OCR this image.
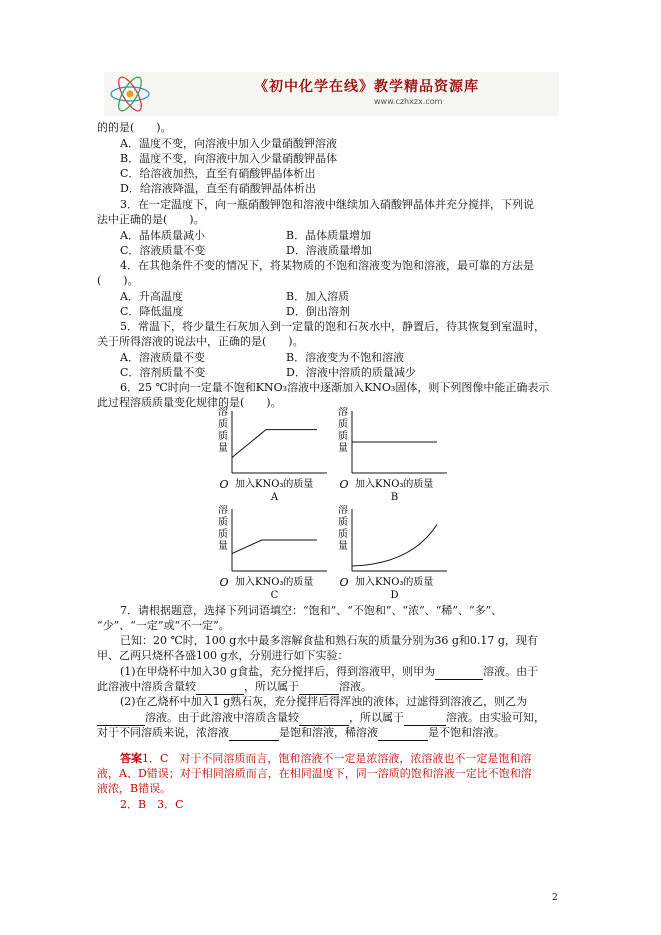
《初中化学在线》教学精品资源库
www.czhxzx.com
的的是(　　)。
A．温度不变，向溶液中加入少量硝酸钾溶液
B．温度不变，向溶液中加入少量硝酸钾晶体
C．给溶液加热，直至有硝酸钾晶体析出
D．给溶液降温，直至有硝酸钾晶体析出
3．在一定温度下，向一瓶硝酸钾饱和溶液中继续加入硝酸钾晶体并充分搅拌，下列说
法中正确的是(　　)。
A．晶体质量减小	B．晶体质量增加
C．溶液质量不变	D．溶液质量增加
4．在其他条件不变的情况下，将某物质的不饱和溶液变为饱和溶液，最可靠的方法是
(　　)。
A．升高温度	B．加入溶质
C．降低温度	D．倒出溶剂
5．常温下，将少量生石灰加入到一定量的饱和石灰水中，静置后，待其恢复到室温时，
关于所得溶液的说法中，正确的是(　　)。
A．溶液质量不变	B．溶液变为不饱和溶液
C．溶剂质量不变	D．溶液中溶质的质量减少
6．25 ℃时向一定量不饱和KNO₃溶液中逐渐加入KNO₃固体，则下列图像中能正确表示
此过程溶质质量变化规律的是(　　)。
溶
质
质
量
O 加入KNO₃的质量
A
溶
质
质
量
O 加入KNO₃的质量
B
溶
质
质
量
O 加入KNO₃的质量
C
溶
质
质
量
O 加入KNO₃的质量
D
7．请根据题意，选择下列词语填空：“饱和”、“不饱和”、“浓”、“稀”、“多”、
“少”、“一定”或“不一定”。
已知：20 ℃时，100 g水中最多溶解食盐和熟石灰的质量分别为36 g和0.17 g，现有
甲、乙两只烧杯各盛100 g水，分别进行如下实验：
(1)在甲烧杯中加入30 g食盐，充分搅拌后，得到溶液甲，则甲为	溶液。由于
此溶液中溶质含量较	，所以属于	溶液。
(2)在乙烧杯中加入1 g熟石灰，充分搅拌后得浑浊的液体，过滤得到溶液乙，则乙为
溶液。由于此溶液中溶质含量较	，所以属于	溶液。由实验可知，
对于不同溶质来说，浓溶液	是饱和溶液，稀溶液	是不饱和溶液。
答案1．C　对于不同溶质而言，饱和溶液不一定是浓溶液，浓溶液也不一定是饱和溶
液，A、D错误；对于相同溶质而言，在相同温度下，同一溶质的饱和溶液一定比不饱和溶
液浓，B错误。
2．B　3．C
2
